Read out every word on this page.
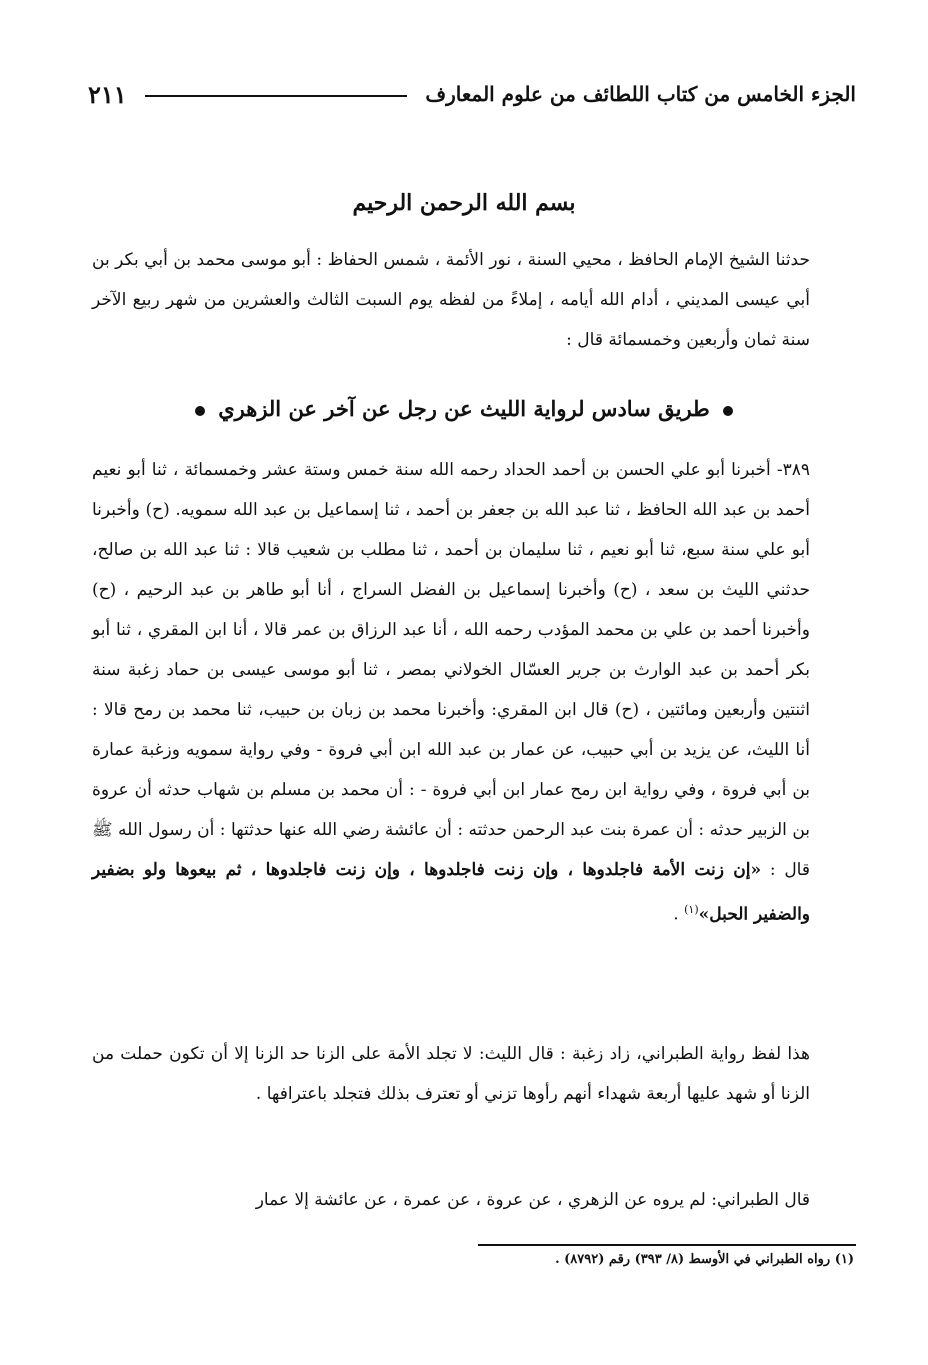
الجزء الخامس من كتاب اللطائف من علوم المعارف
٢١١
بسم الله الرحمن الرحيم
حدثنا الشيخ الإمام الحافظ ، محيي السنة ، نور الأئمة ، شمس الحفاظ : أبو موسى محمد بن أبي بكر بن أبي عيسى المديني ، أدام الله أيامه ، إملاءً من لفظه يوم السبت الثالث والعشرين من شهر ربيع الآخر سنة ثمان وأربعين وخمسمائة قال :
طريق سادس لرواية الليث عن رجل عن آخر عن الزهري
٣٨٩- أخبرنا أبو علي الحسن بن أحمد الحداد رحمه الله سنة خمس وستة عشر وخمسمائة ، ثنا أبو نعيم أحمد بن عبد الله الحافظ ، ثنا عبد الله بن جعفر بن أحمد ، ثنا إسماعيل بن عبد الله سمويه. (ح) وأخبرنا أبو علي سنة سبع، ثنا أبو نعيم ، ثنا سليمان بن أحمد ، ثنا مطلب بن شعيب قالا : ثنا عبد الله بن صالح، حدثني الليث بن سعد ، (ح) وأخبرنا إسماعيل بن الفضل السراج ، أنا أبو طاهر بن عبد الرحيم ، (ح) وأخبرنا أحمد بن علي بن محمد المؤدب رحمه الله ، أنا عبد الرزاق بن عمر قالا ، أنا ابن المقري ، ثنا أبو بكر أحمد بن عبد الوارث بن جرير العسّال الخولاني بمصر ، ثنا أبو موسى عيسى بن حماد زغبة سنة اثنتين وأربعين ومائتين ، (ح) قال ابن المقري: وأخبرنا محمد بن زبان بن حبيب، ثنا محمد بن رمح قالا : أنا الليث، عن يزيد بن أبي حبيب، عن عمار بن عبد الله ابن أبي فروة - وفي رواية سمويه وزغبة عمارة بن أبي فروة ، وفي رواية ابن رمح عمار ابن أبي فروة - : أن محمد بن مسلم بن شهاب حدثه أن عروة بن الزبير حدثه : أن عمرة بنت عبد الرحمن حدثته : أن عائشة رضي الله عنها حدثتها : أن رسول الله ﷺ قال : «إن زنت الأمة فاجلدوها ، وإن زنت فاجلدوها ، وإن زنت فاجلدوها ، ثم بيعوها ولو بضفير والضفير الحبل»$^{(١)}$ .
هذا لفظ رواية الطبراني، زاد زغبة : قال الليث: لا تجلد الأمة على الزنا حد الزنا إلا أن تكون حملت من الزنا أو شهد عليها أربعة شهداء أنهم رأوها تزني أو تعترف بذلك فتجلد باعترافها .
قال الطبراني: لم يروه عن الزهري ، عن عروة ، عن عمرة ، عن عائشة إلا عمار
(١) رواه الطبراني في الأوسط (٨/ ٣٩٣) رقم (٨٧٩٢) .
